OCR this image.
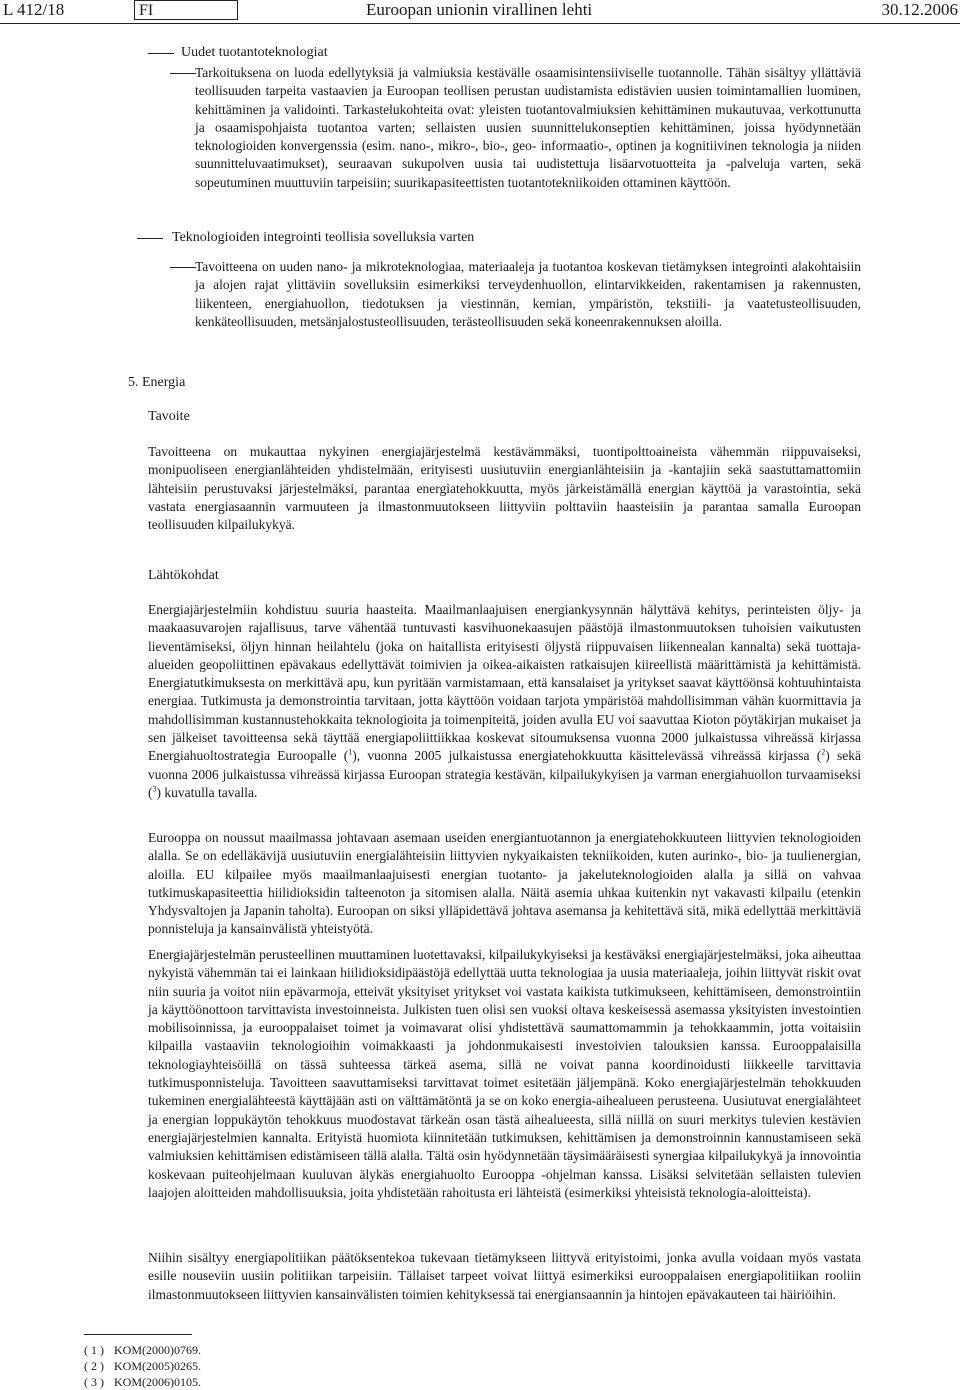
L 412/18	FI	Euroopan unionin virallinen lehti	30.12.2006
Uudet tuotantoteknologiat
Tarkoituksena on luoda edellytyksiä ja valmiuksia kestävälle osaamisintensiiviselle tuotannolle. Tähän sisältyy yllättäviä teollisuuden tarpeita vastaavien ja Euroopan teollisen perustan uudistamista edistävien uusien toimintamallien luominen, kehittäminen ja validointi. Tarkastelukohteita ovat: yleisten tuotantovalmiuksien kehittäminen mukautuvaa, verkottunutta ja osaamispohjaista tuotantoa varten; sellaisten uusien suunnittelukonseptien kehittäminen, joissa hyödynnetään teknologioiden konvergenssia (esim. nano-, mikro-, bio-, geo- informaatio-, optinen ja kognitiivinen teknologia ja niiden suunnitteluvaatimukset), seuraavan sukupolven uusia tai uudistettuja lisäarvotuotteita ja -palveluja varten, sekä sopeutuminen muuttuviin tarpeisiin; suurikapasiteettisten tuotantotekniikoiden ottaminen käyttöön.
Teknologioiden integrointi teollisia sovelluksia varten
Tavoitteena on uuden nano- ja mikroteknologiaa, materiaaleja ja tuotantoa koskevan tietämyksen integrointi alakohtaisiin ja alojen rajat ylittäviin sovelluksiin esimerkiksi terveydenhuollon, elintarvikkeiden, rakentamisen ja rakennusten, liikenteen, energiahuollon, tiedotuksen ja viestinnän, kemian, ympäristön, tekstiili- ja vaatetusteollisuuden, kenkäteollisuuden, metsänjalostusteollisuuden, terästeollisuuden sekä koneenrakennuksen aloilla.
5. Energia
Tavoite
Tavoitteena on mukauttaa nykyinen energiajärjestelmä kestävämmäksi, tuontipolttoaineista vähemmän riippuvaiseksi, monipuoliseen energianlähteiden yhdistelmään, erityisesti uusiutuviin energianlähteisiin ja -kantajiin sekä saastuttamattomiin lähteisiin perustuvaksi järjestelmäksi, parantaa energiatehokkuutta, myös järkeistämällä energian käyttöä ja varastointia, sekä vastata energiasaannin varmuuteen ja ilmastonmuutokseen liittyviin polttaviin haasteisiin ja parantaa samalla Euroopan teollisuuden kilpailukykyä.
Lähtökohdat
Energiajärjestelmiin kohdistuu suuria haasteita. Maailmanlaajuisen energiankysynnän hälyttävä kehitys, perinteisten öljy- ja maakaasuvarojen rajallisuus, tarve vähentää tuntuvasti kasvihuonekaasujen päästöjä ilmastonmuutoksen tuhoisien vaikutusten lieventämiseksi, öljyn hinnan heilahtelu (joka on haitallista erityisesti öljystä riippuvaisen liikennealan kannalta) sekä tuottaja-alueiden geopoliittinen epävakaus edellyttävät toimivien ja oikea-aikaisten ratkaisujen kiireellistä määrittämistä ja kehittämistä. Energiatutkimuksesta on merkittävä apu, kun pyritään varmistamaan, että kansalaiset ja yritykset saavat käyttöönsä kohtuuhintaista energiaa. Tutkimusta ja demonstrointia tarvitaan, jotta käyttöön voidaan tarjota ympäristöä mahdollisimman vähän kuormittavia ja mahdollisimman kustannustehokkaita teknologioita ja toimenpiteitä, joiden avulla EU voi saavuttaa Kioton pöytäkirjan mukaiset ja sen jälkeiset tavoitteensa sekä täyttää energiapoliittiikkaa koskevat sitoumuksensa vuonna 2000 julkaistussa vihreässä kirjassa Energiahuoltostrategia Euroopalle ($^1$), vuonna 2005 julkaistussa energiatehokkuutta käsittelevässä vihreässä kirjassa ($^2$) sekä vuonna 2006 julkaistussa vihreässä kirjassa Euroopan strategia kestävän, kilpailukykyisen ja varman energiahuollon turvaamiseksi ($^3$) kuvatulla tavalla.
Eurooppa on noussut maailmassa johtavaan asemaan useiden energiantuotannon ja energiatehokkuuteen liittyvien teknologioiden alalla. Se on edelläkävijä uusiutuviin energialähteisiin liittyvien nykyaikaisten tekniikoiden, kuten aurinko-, bio- ja tuulienergian, aloilla. EU kilpailee myös maailmanlaajuisesti energian tuotanto- ja jakeluteknologioiden alalla ja sillä on vahvaa tutkimuskapasiteettia hiilidioksidin talteenoton ja sitomisen alalla. Näitä asemia uhkaa kuitenkin nyt vakavasti kilpailu (etenkin Yhdysvaltojen ja Japanin taholta). Euroopan on siksi ylläpidettävä johtava asemansa ja kehitettävä sitä, mikä edellyttää merkittäviä ponnisteluja ja kansainvälistä yhteistyötä.
Energiajärjestelmän perusteellinen muuttaminen luotettavaksi, kilpailukykyiseksi ja kestäväksi energiajärjestelmäksi, joka aiheuttaa nykyistä vähemmän tai ei lainkaan hiilidioksidipäästöjä edellyttää uutta teknologiaa ja uusia materiaaleja, joihin liittyvät riskit ovat niin suuria ja voitot niin epävarmoja, etteivät yksityiset yritykset voi vastata kaikista tutkimukseen, kehittämiseen, demonstrointiin ja käyttöönottoon tarvittavista investoinneista. Julkisten tuen olisi sen vuoksi oltava keskeisessä asemassa yksityisten investointien mobilisoinnissa, ja eurooppalaiset toimet ja voimavarat olisi yhdistettävä saumattomammin ja tehokkaammin, jotta voitaisiin kilpailla vastaaviin teknologioihin voimakkaasti ja johdonmukaisesti investoivien talouksien kanssa. Eurooppalaisilla teknologiayhteisöillä on tässä suhteessa tärkeä asema, sillä ne voivat panna koordinoidusti liikkeelle tarvittavia tutkimusponnisteluja. Tavoitteen saavuttamiseksi tarvittavat toimet esitetään jäljempänä. Koko energiajärjestelmän tehokkuuden tukeminen energialähteestä käyttäjään asti on välttämätöntä ja se on koko energia-aihealueen perusteena. Uusiutuvat energialähteet ja energian loppukäytön tehokkuus muodostavat tärkeän osan tästä aihealueesta, sillä niillä on suuri merkitys tulevien kestävien energiajärjestelmien kannalta. Erityistä huomiota kiinnitetään tutkimuksen, kehittämisen ja demonstroinnin kannustamiseen sekä valmiuksien kehittämisen edistämiseen tällä alalla. Tältä osin hyödynnetään täysimääräisesti synergiaa kilpailukykyä ja innovointia koskevaan puiteohjelmaan kuuluvan älykäs energiahuolto Eurooppa -ohjelman kanssa. Lisäksi selvitetään sellaisten tulevien laajojen aloitteiden mahdollisuuksia, joita yhdistetään rahoitusta eri lähteistä (esimerkiksi yhteisistä teknologia-aloitteista).
Niihin sisältyy energiapolitiikan päätöksentekoa tukevaan tietämykseen liittyvä erityistoimi, jonka avulla voidaan myös vastata esille nouseviin uusiin politiikan tarpeisiin. Tällaiset tarpeet voivat liittyä esimerkiksi eurooppalaisen energiapolitiikan rooliin ilmastonmuutokseen liittyvien kansainvälisten toimien kehityksessä tai energiansaannin ja hintojen epävakauteen tai häiriöihin.
( 1 ) KOM(2000)0769.
( 2 ) KOM(2005)0265.
( 3 ) KOM(2006)0105.
